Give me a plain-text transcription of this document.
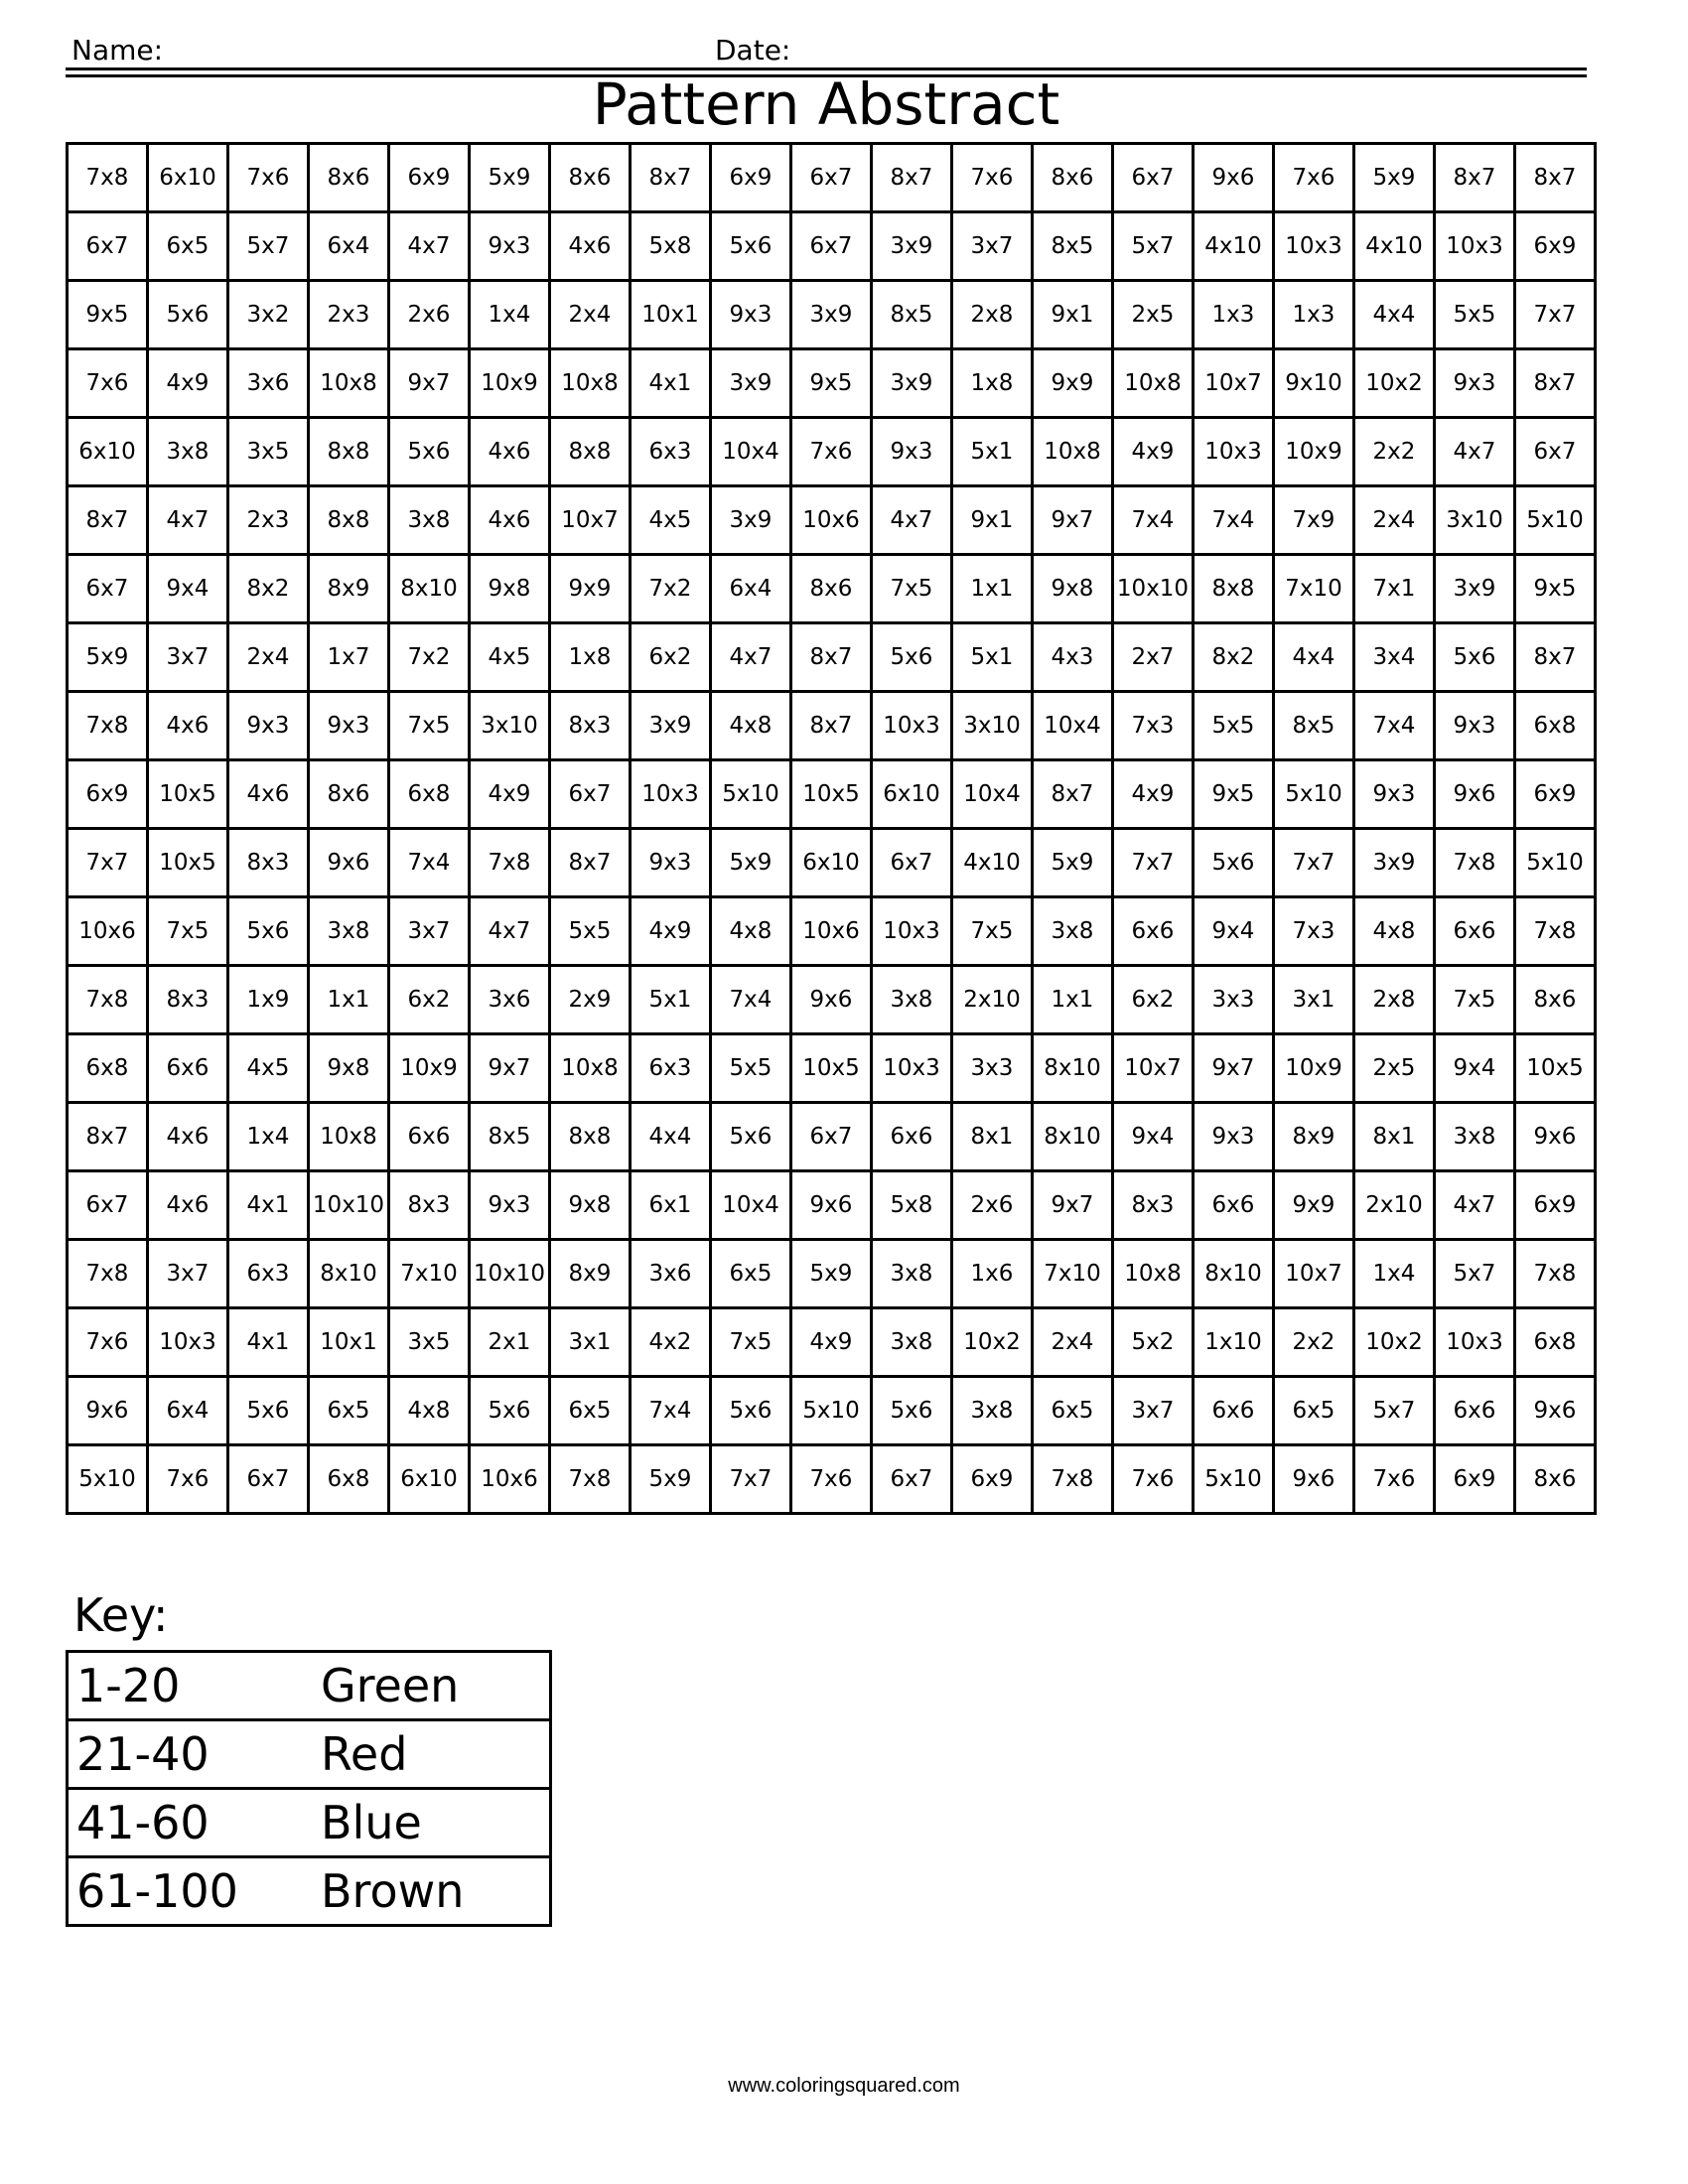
Name:	Date:
Pattern Abstract
7x8	6x10	7x6	8x6	6x9	5x9	8x6	8x7	6x9	6x7	8x7	7x6	8x6	6x7	9x6	7x6	5x9	8x7	8x7
6x7	6x5	5x7	6x4	4x7	9x3	4x6	5x8	5x6	6x7	3x9	3x7	8x5	5x7	4x10	10x3	4x10	10x3	6x9
9x5	5x6	3x2	2x3	2x6	1x4	2x4	10x1	9x3	3x9	8x5	2x8	9x1	2x5	1x3	1x3	4x4	5x5	7x7
7x6	4x9	3x6	10x8	9x7	10x9	10x8	4x1	3x9	9x5	3x9	1x8	9x9	10x8	10x7	9x10	10x2	9x3	8x7
6x10	3x8	3x5	8x8	5x6	4x6	8x8	6x3	10x4	7x6	9x3	5x1	10x8	4x9	10x3	10x9	2x2	4x7	6x7
8x7	4x7	2x3	8x8	3x8	4x6	10x7	4x5	3x9	10x6	4x7	9x1	9x7	7x4	7x4	7x9	2x4	3x10	5x10
6x7	9x4	8x2	8x9	8x10	9x8	9x9	7x2	6x4	8x6	7x5	1x1	9x8	10x10	8x8	7x10	7x1	3x9	9x5
5x9	3x7	2x4	1x7	7x2	4x5	1x8	6x2	4x7	8x7	5x6	5x1	4x3	2x7	8x2	4x4	3x4	5x6	8x7
7x8	4x6	9x3	9x3	7x5	3x10	8x3	3x9	4x8	8x7	10x3	3x10	10x4	7x3	5x5	8x5	7x4	9x3	6x8
6x9	10x5	4x6	8x6	6x8	4x9	6x7	10x3	5x10	10x5	6x10	10x4	8x7	4x9	9x5	5x10	9x3	9x6	6x9
7x7	10x5	8x3	9x6	7x4	7x8	8x7	9x3	5x9	6x10	6x7	4x10	5x9	7x7	5x6	7x7	3x9	7x8	5x10
10x6	7x5	5x6	3x8	3x7	4x7	5x5	4x9	4x8	10x6	10x3	7x5	3x8	6x6	9x4	7x3	4x8	6x6	7x8
7x8	8x3	1x9	1x1	6x2	3x6	2x9	5x1	7x4	9x6	3x8	2x10	1x1	6x2	3x3	3x1	2x8	7x5	8x6
6x8	6x6	4x5	9x8	10x9	9x7	10x8	6x3	5x5	10x5	10x3	3x3	8x10	10x7	9x7	10x9	2x5	9x4	10x5
8x7	4x6	1x4	10x8	6x6	8x5	8x8	4x4	5x6	6x7	6x6	8x1	8x10	9x4	9x3	8x9	8x1	3x8	9x6
6x7	4x6	4x1	10x10	8x3	9x3	9x8	6x1	10x4	9x6	5x8	2x6	9x7	8x3	6x6	9x9	2x10	4x7	6x9
7x8	3x7	6x3	8x10	7x10	10x10	8x9	3x6	6x5	5x9	3x8	1x6	7x10	10x8	8x10	10x7	1x4	5x7	7x8
7x6	10x3	4x1	10x1	3x5	2x1	3x1	4x2	7x5	4x9	3x8	10x2	2x4	5x2	1x10	2x2	10x2	10x3	6x8
9x6	6x4	5x6	6x5	4x8	5x6	6x5	7x4	5x6	5x10	5x6	3x8	6x5	3x7	6x6	6x5	5x7	6x6	9x6
5x10	7x6	6x7	6x8	6x10	10x6	7x8	5x9	7x7	7x6	6x7	6x9	7x8	7x6	5x10	9x6	7x6	6x9	8x6
Key:
1-20	Green
21-40	Red
41-60	Blue
61-100	Brown
www.coloringsquared.com
